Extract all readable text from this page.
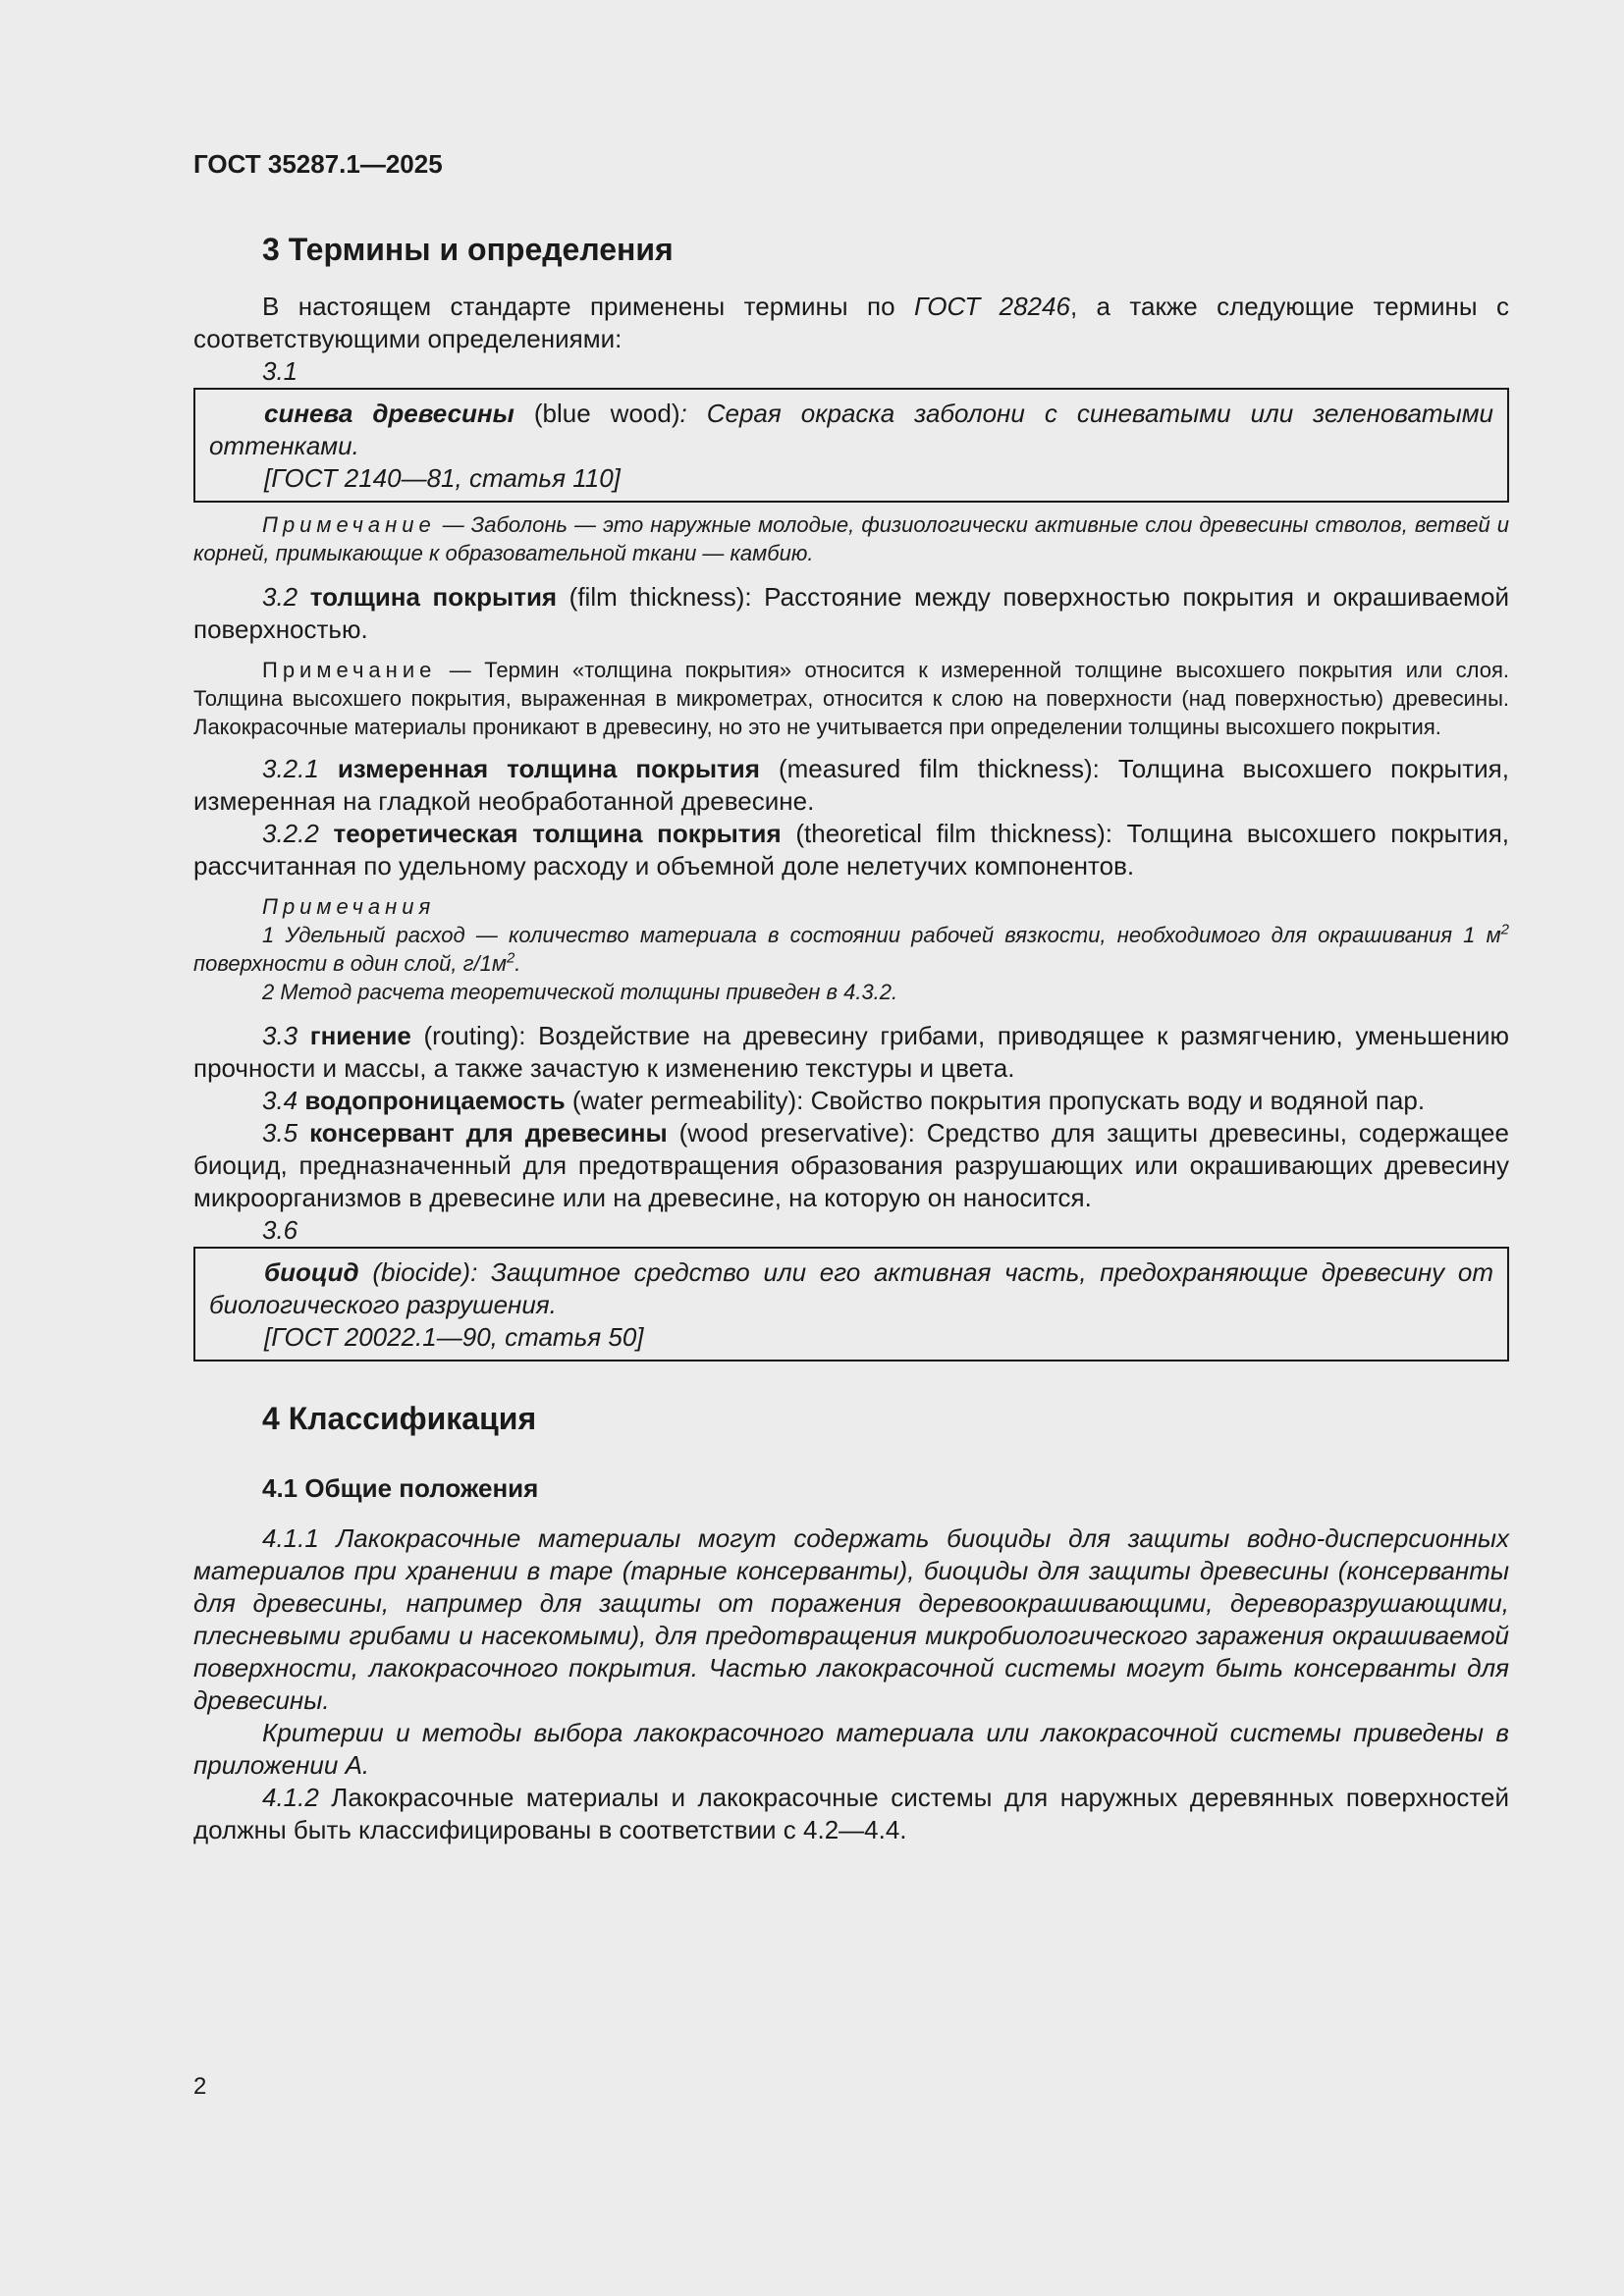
ГОСТ 35287.1—2025

3 Термины и определения

В настоящем стандарте применены термины по ГОСТ 28246, а также следующие термины с соответствующими определениями:

3.1

синева древесины (blue wood): Серая окраска заболони с синеватыми или зеленоватыми оттенками.

[ГОСТ 2140—81, статья 110]

Примечание — Заболонь — это наружные молодые, физиологически активные слои древесины стволов, ветвей и корней, примыкающие к образовательной ткани — камбию.

3.2 толщина покрытия (film thickness): Расстояние между поверхностью покрытия и окрашиваемой поверхностью.

Примечание — Термин «толщина покрытия» относится к измеренной толщине высохшего покрытия или слоя. Толщина высохшего покрытия, выраженная в микрометрах, относится к слою на поверхности (над поверхностью) древесины. Лакокрасочные материалы проникают в древесину, но это не учитывается при определении толщины высохшего покрытия.

3.2.1 измеренная толщина покрытия (measured film thickness): Толщина высохшего покрытия, измеренная на гладкой необработанной древесине.

3.2.2 теоретическая толщина покрытия (theoretical film thickness): Толщина высохшего покрытия, рассчитанная по удельному расходу и объемной доле нелетучих компонентов.

Примечания

1 Удельный расход — количество материала в состоянии рабочей вязкости, необходимого для окрашивания 1 $м^2$ поверхности в один слой, $г/1м^2$.

2 Метод расчета теоретической толщины приведен в 4.3.2.

3.3 гниение (routing): Воздействие на древесину грибами, приводящее к размягчению, уменьшению прочности и массы, а также зачастую к изменению текстуры и цвета.

3.4 водопроницаемость (water permeability): Свойство покрытия пропускать воду и водяной пар.

3.5 консервант для древесины (wood preservative): Средство для защиты древесины, содержащее биоцид, предназначенный для предотвращения образования разрушающих или окрашивающих древесину микроорганизмов в древесине или на древесине, на которую он наносится.

3.6

биоцид (biocide): Защитное средство или его активная часть, предохраняющие древесину от биологического разрушения.

[ГОСТ 20022.1—90, статья 50]
4 Классификация
4.1 Общие положения

4.1.1 Лакокрасочные материалы могут содержать биоциды для защиты водно-дисперсионных материалов при хранении в таре (тарные консерванты), биоциды для защиты древесины (консерванты для древесины, например для защиты от поражения деревоокрашивающими, дереворазрушающими, плесневыми грибами и насекомыми), для предотвращения микробиологического заражения окрашиваемой поверхности, лакокрасочного покрытия. Частью лакокрасочной системы могут быть консерванты для древесины.

Критерии и методы выбора лакокрасочного материала или лакокрасочной системы приведены в приложении А.

4.1.2 Лакокрасочные материалы и лакокрасочные системы для наружных деревянных поверхностей должны быть классифицированы в соответствии с 4.2—4.4.

2
